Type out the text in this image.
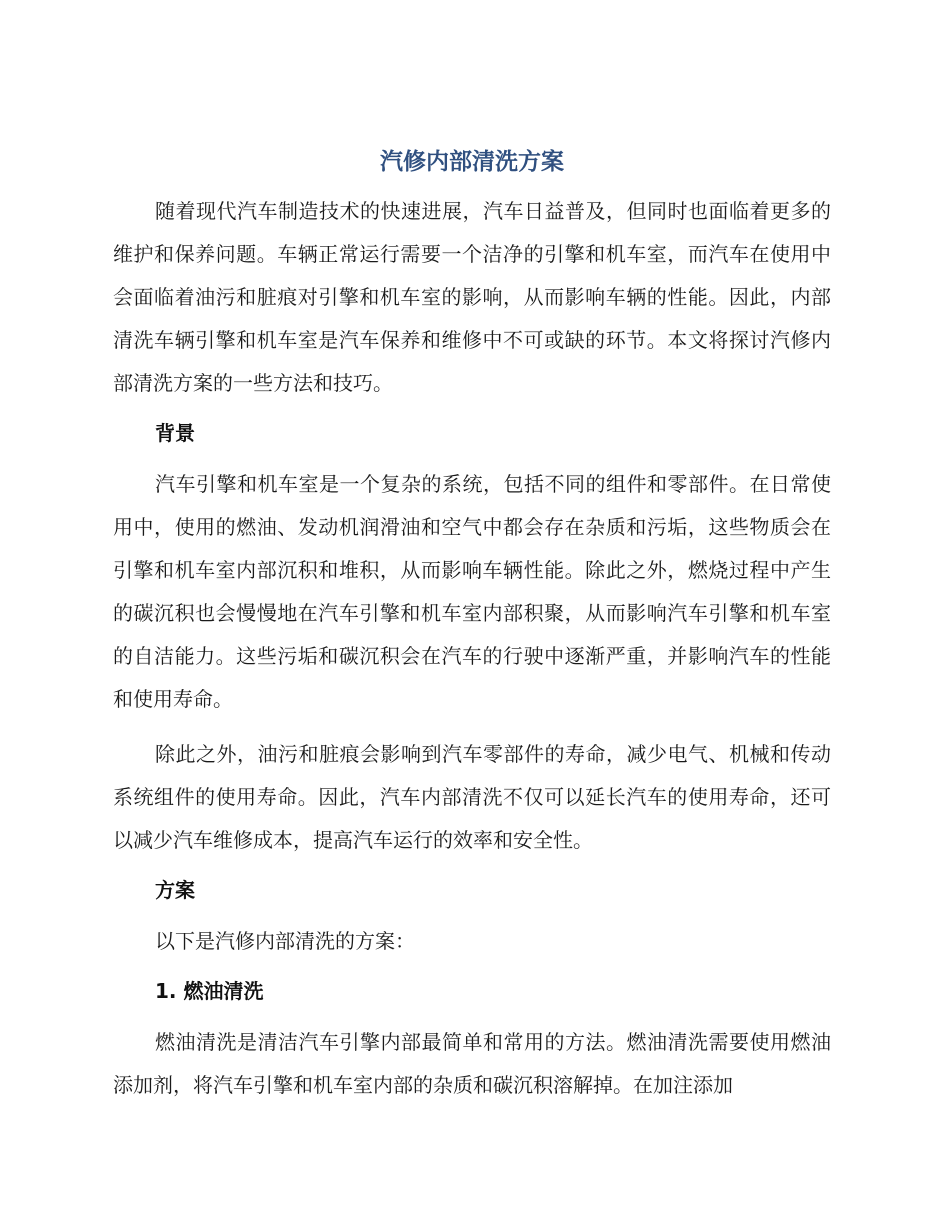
汽修内部清洗方案

随着现代汽车制造技术的快速进展，汽车日益普及，但同时也面临着更多的维护和保养问题。车辆正常运行需要一个洁净的引擎和机车室，而汽车在使用中会面临着油污和脏痕对引擎和机车室的影响，从而影响车辆的性能。因此，内部清洗车辆引擎和机车室是汽车保养和维修中不可或缺的环节。本文将探讨汽修内部清洗方案的一些方法和技巧。

背景

汽车引擎和机车室是一个复杂的系统，包括不同的组件和零部件。在日常使用中，使用的燃油、发动机润滑油和空气中都会存在杂质和污垢，这些物质会在引擎和机车室内部沉积和堆积，从而影响车辆性能。除此之外，燃烧过程中产生的碳沉积也会慢慢地在汽车引擎和机车室内部积聚，从而影响汽车引擎和机车室的自洁能力。这些污垢和碳沉积会在汽车的行驶中逐渐严重，并影响汽车的性能和使用寿命。

除此之外，油污和脏痕会影响到汽车零部件的寿命，减少电气、机械和传动系统组件的使用寿命。因此，汽车内部清洗不仅可以延长汽车的使用寿命，还可以减少汽车维修成本，提高汽车运行的效率和安全性。

方案

以下是汽修内部清洗的方案：

1. 燃油清洗

燃油清洗是清洁汽车引擎内部最简单和常用的方法。燃油清洗需要使用燃油添加剂，将汽车引擎和机车室内部的杂质和碳沉积溶解掉。在加注添加
